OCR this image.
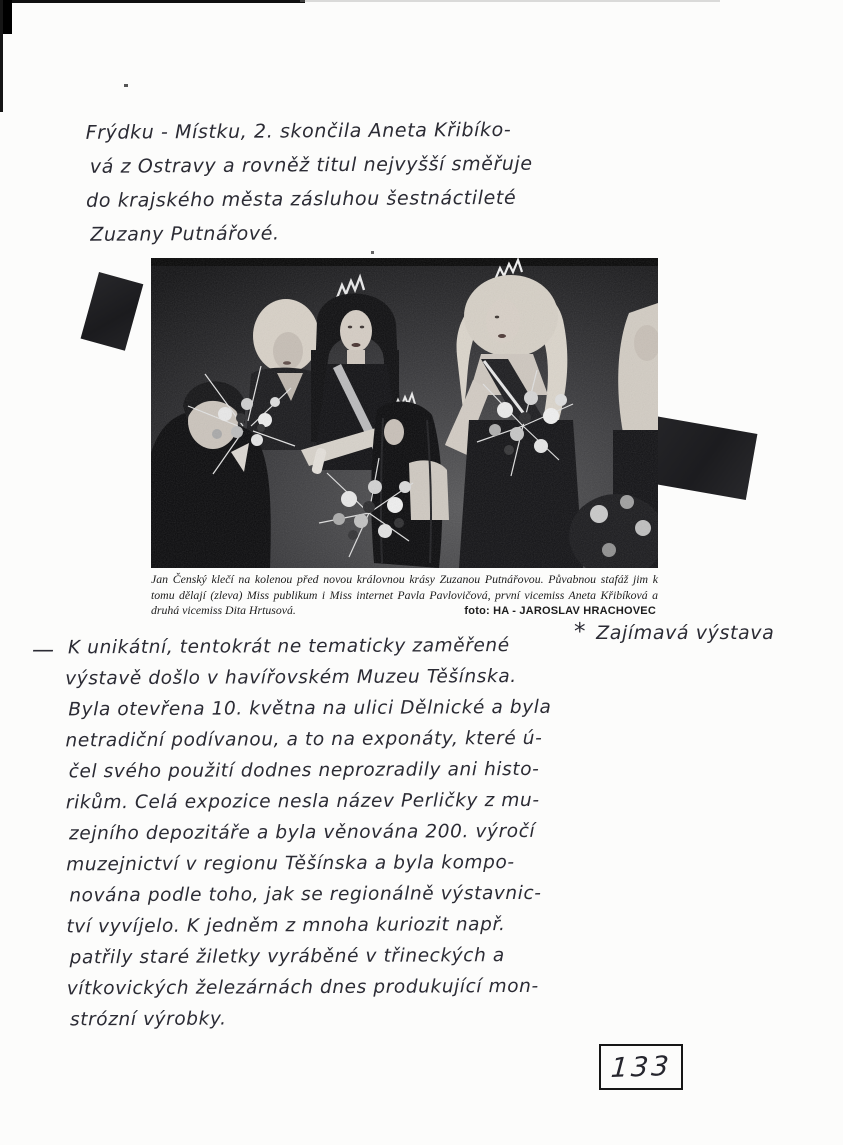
Frýdku - Místku, 2. skončila Aneta Křibíko-
vá z Ostravy a rovněž titul nejvyšší směřuje
do krajského města zásluhou šestnáctileté
Zuzany Putnářové.
Jan Čenský klečí na kolenou před novou královnou krásy Zuzanou Putnářovou. Půvabnou stafáž jim k tomu dělají (zleva) Miss publikum i Miss internet Pavla Pavlovičová, první vicemiss Aneta Křibíková a druhá vicemiss Dita Hrtusová.	foto: HA - JAROSLAV HRACHOVEC
— K unikátní, tentokrát ne tematicky zaměřené
výstavě došlo v havířovském Muzeu Těšínska.
Byla otevřena 10. května na ulici Dělnické a byla
netradiční podívanou, a to na exponáty, které ú-
čel svého použití dodnes neprozradily ani histo-
rikům. Celá expozice nesla název Perličky z mu-
zejního depozitáře a byla věnována 200. výročí
muzejnictví v regionu Těšínska a byla kompo-
nována podle toho, jak se regionálně výstavnic-
tví vyvíjelo. K jedněm z mnoha kuriozit např.
patřily staré žiletky vyráběné v třineckých a
vítkovických železárnách dnes produkující mon-
strózní výrobky.
* Zajímavá výstava
133
